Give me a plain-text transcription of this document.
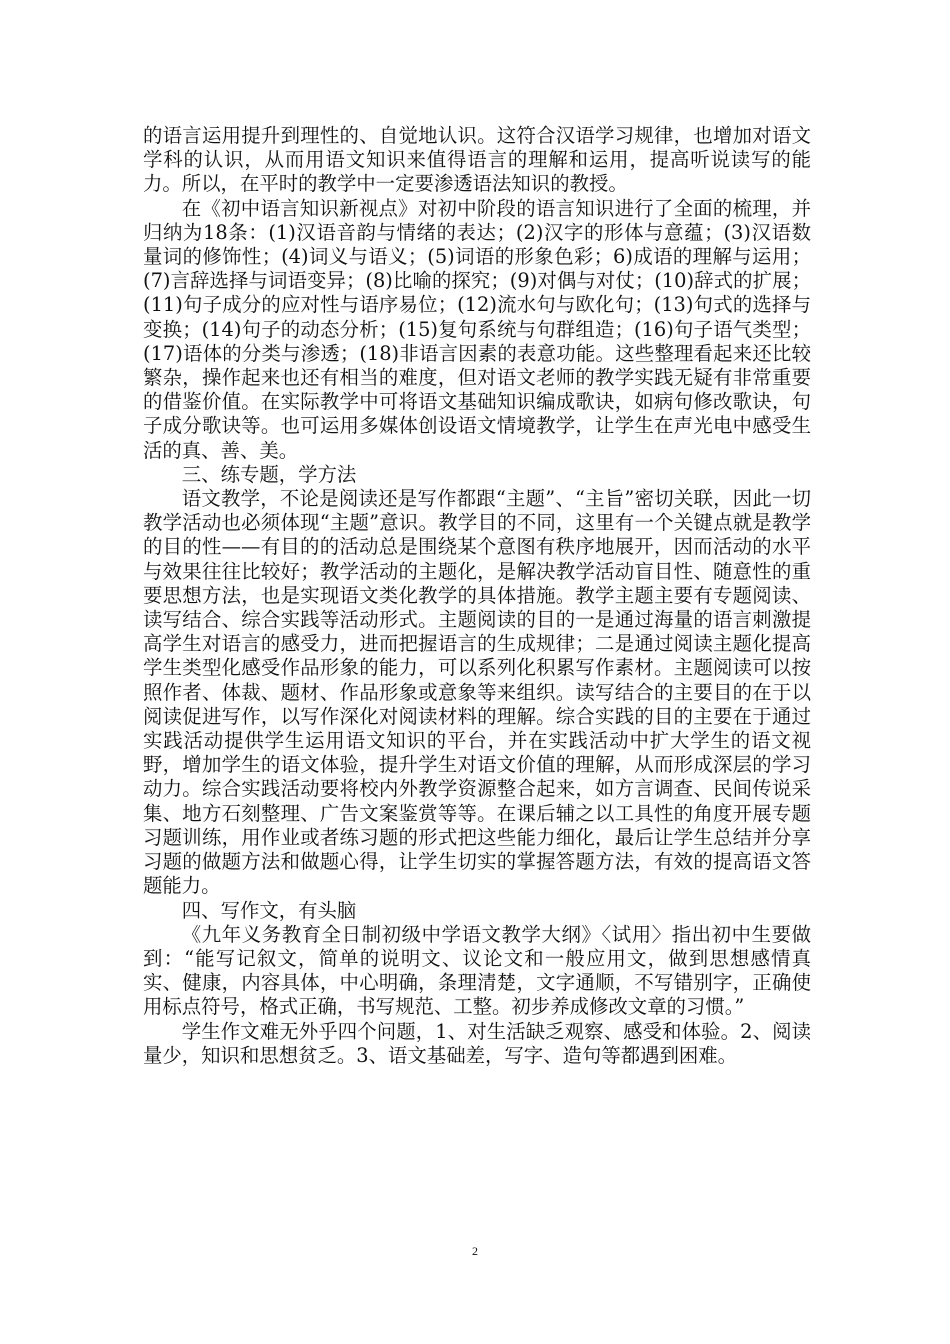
的语言运用提升到理性的、自觉地认识。这符合汉语学习规律，也增加对语文学科的认识，从而用语文知识来值得语言的理解和运用，提高听说读写的能力。所以，在平时的教学中一定要渗透语法知识的教授。

在《初中语言知识新视点》对初中阶段的语言知识进行了全面的梳理，并归纳为18条：(1)汉语音韵与情绪的表达；(2)汉字的形体与意蕴；(3)汉语数量词的修饰性；(4)词义与语义；(5)词语的形象色彩；6)成语的理解与运用；(7)言辞选择与词语变异；(8)比喻的探究；(9)对偶与对仗；(10)辞式的扩展；(11)句子成分的应对性与语序易位；(12)流水句与欧化句；(13)句式的选择与变换；(14)句子的动态分析；(15)复句系统与句群组造；(16)句子语气类型；(17)语体的分类与渗透；(18)非语言因素的表意功能。这些整理看起来还比较繁杂，操作起来也还有相当的难度，但对语文老师的教学实践无疑有非常重要的借鉴价值。在实际教学中可将语文基础知识编成歌诀，如病句修改歌诀，句子成分歌诀等。也可运用多媒体创设语文情境教学，让学生在声光电中感受生活的真、善、美。

三、练专题，学方法

语文教学，不论是阅读还是写作都跟“主题”、“主旨”密切关联，因此一切教学活动也必须体现“主题”意识。教学目的不同，这里有一个关键点就是教学的目的性——有目的的活动总是围绕某个意图有秩序地展开，因而活动的水平与效果往往比较好；教学活动的主题化，是解决教学活动盲目性、随意性的重要思想方法，也是实现语文类化教学的具体措施。教学主题主要有专题阅读、读写结合、综合实践等活动形式。主题阅读的目的一是通过海量的语言刺激提高学生对语言的感受力，进而把握语言的生成规律；二是通过阅读主题化提高学生类型化感受作品形象的能力，可以系列化积累写作素材。主题阅读可以按照作者、体裁、题材、作品形象或意象等来组织。读写结合的主要目的在于以阅读促进写作，以写作深化对阅读材料的理解。综合实践的目的主要在于通过实践活动提供学生运用语文知识的平台，并在实践活动中扩大学生的语文视野，增加学生的语文体验，提升学生对语文价值的理解，从而形成深层的学习动力。综合实践活动要将校内外教学资源整合起来，如方言调查、民间传说采集、地方石刻整理、广告文案鉴赏等等。在课后辅之以工具性的角度开展专题习题训练，用作业或者练习题的形式把这些能力细化，最后让学生总结并分享习题的做题方法和做题心得，让学生切实的掌握答题方法，有效的提高语文答题能力。

四、写作文，有头脑

《九年义务教育全日制初级中学语文教学大纲》〈试用〉指出初中生要做到：“能写记叙文，简单的说明文、议论文和一般应用文，做到思想感情真实、健康，内容具体，中心明确，条理清楚，文字通顺，不写错别字，正确使用标点符号，格式正确，书写规范、工整。初步养成修改文章的习惯。”

学生作文难无外乎四个问题，1、对生活缺乏观察、感受和体验。2、阅读量少，知识和思想贫乏。3、语文基础差，写字、造句等都遇到困难。

2
